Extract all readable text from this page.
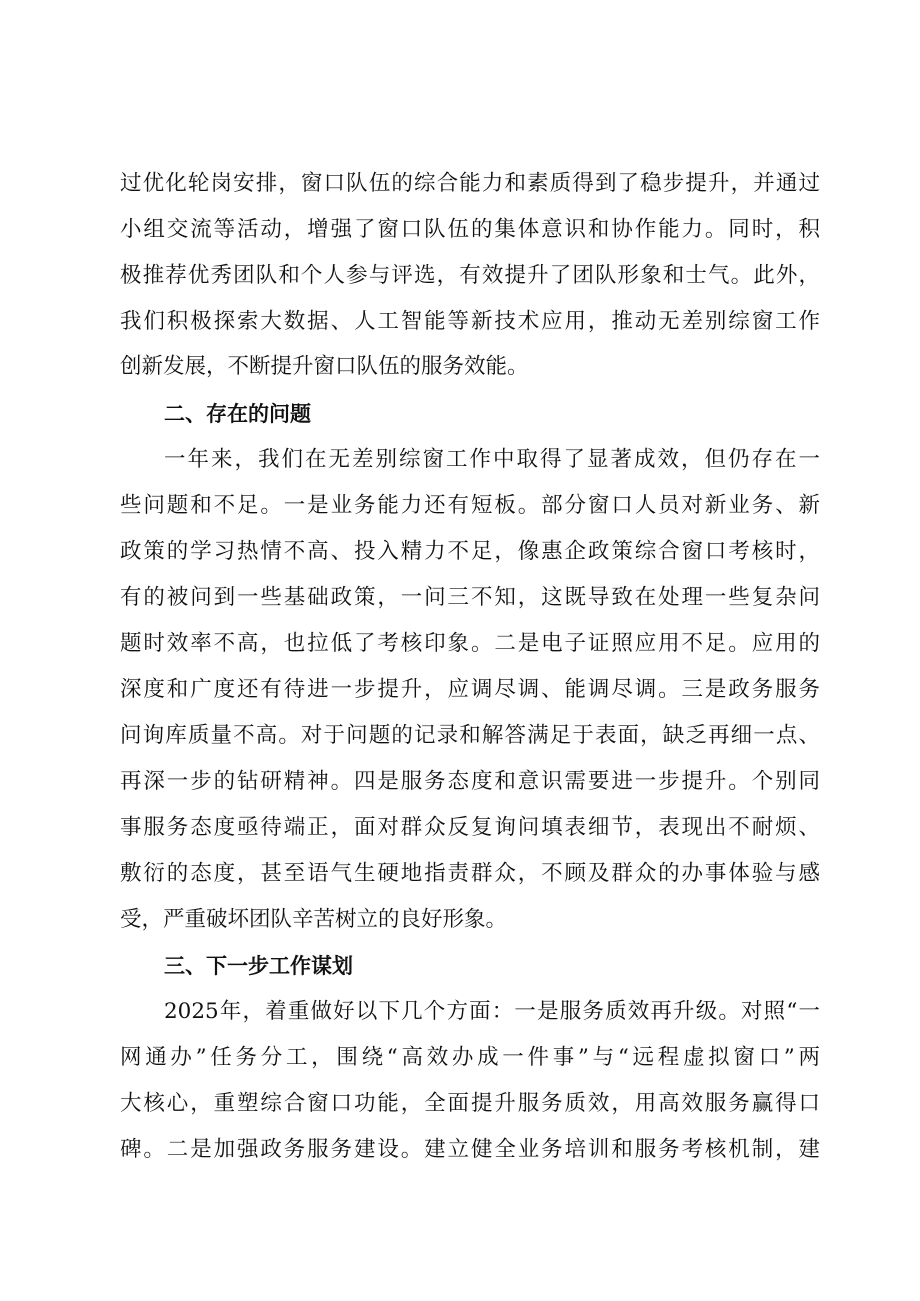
过优化轮岗安排，窗口队伍的综合能力和素质得到了稳步提升，并通过
小组交流等活动，增强了窗口队伍的集体意识和协作能力。同时，积
极推荐优秀团队和个人参与评选，有效提升了团队形象和士气。此外，
我们积极探索大数据、人工智能等新技术应用，推动无差别综窗工作
创新发展，不断提升窗口队伍的服务效能。
二、存在的问题
一年来，我们在无差别综窗工作中取得了显著成效，但仍存在一
些问题和不足。一是业务能力还有短板。部分窗口人员对新业务、新
政策的学习热情不高、投入精力不足，像惠企政策综合窗口考核时，
有的被问到一些基础政策，一问三不知，这既导致在处理一些复杂问
题时效率不高，也拉低了考核印象。二是电子证照应用不足。应用的
深度和广度还有待进一步提升，应调尽调、能调尽调。三是政务服务
问询库质量不高。对于问题的记录和解答满足于表面，缺乏再细一点、
再深一步的钻研精神。四是服务态度和意识需要进一步提升。个别同
事服务态度亟待端正，面对群众反复询问填表细节，表现出不耐烦、
敷衍的态度，甚至语气生硬地指责群众，不顾及群众的办事体验与感
受，严重破坏团队辛苦树立的良好形象。
三、下一步工作谋划
2025年，着重做好以下几个方面：一是服务质效再升级。对照“一
网通办”任务分工，围绕“高效办成一件事”与“远程虚拟窗口”两
大核心，重塑综合窗口功能，全面提升服务质效，用高效服务赢得口
碑。二是加强政务服务建设。建立健全业务培训和服务考核机制，建
